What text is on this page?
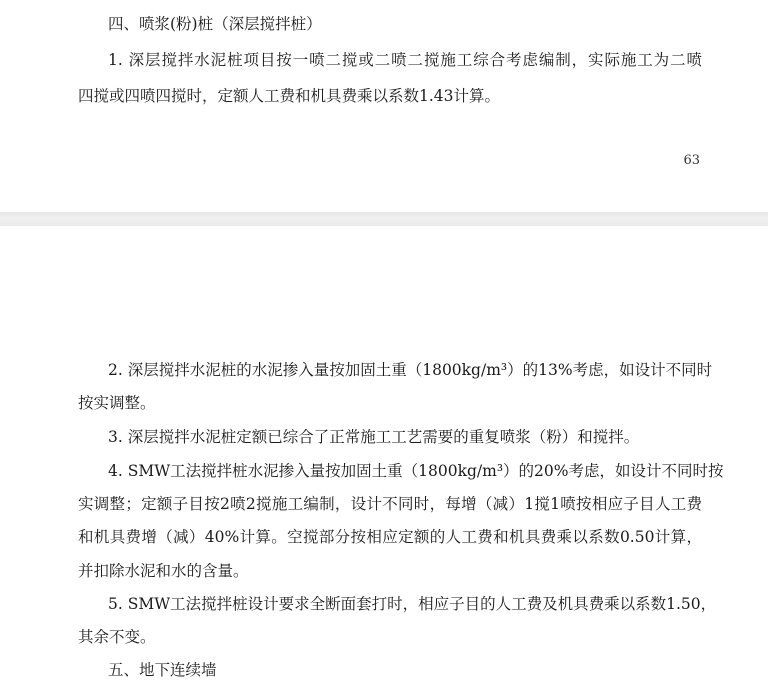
四、喷浆(粉)桩（深层搅拌桩）
1. 深层搅拌水泥桩项目按一喷二搅或二喷二搅施工综合考虑编制，实际施工为二喷
四搅或四喷四搅时，定额人工费和机具费乘以系数1.43计算。
63
2. 深层搅拌水泥桩的水泥掺入量按加固土重（1800kg/m³）的13%考虑，如设计不同时
按实调整。
3. 深层搅拌水泥桩定额已综合了正常施工工艺需要的重复喷浆（粉）和搅拌。
4. SMW工法搅拌桩水泥掺入量按加固土重（1800kg/m³）的20%考虑，如设计不同时按
实调整；定额子目按2喷2搅施工编制，设计不同时，每增（减）1搅1喷按相应子目人工费
和机具费增（减）40%计算。空搅部分按相应定额的人工费和机具费乘以系数0.50计算，
并扣除水泥和水的含量。
5. SMW工法搅拌桩设计要求全断面套打时，相应子目的人工费及机具费乘以系数1.50，
其余不变。
五、地下连续墙
